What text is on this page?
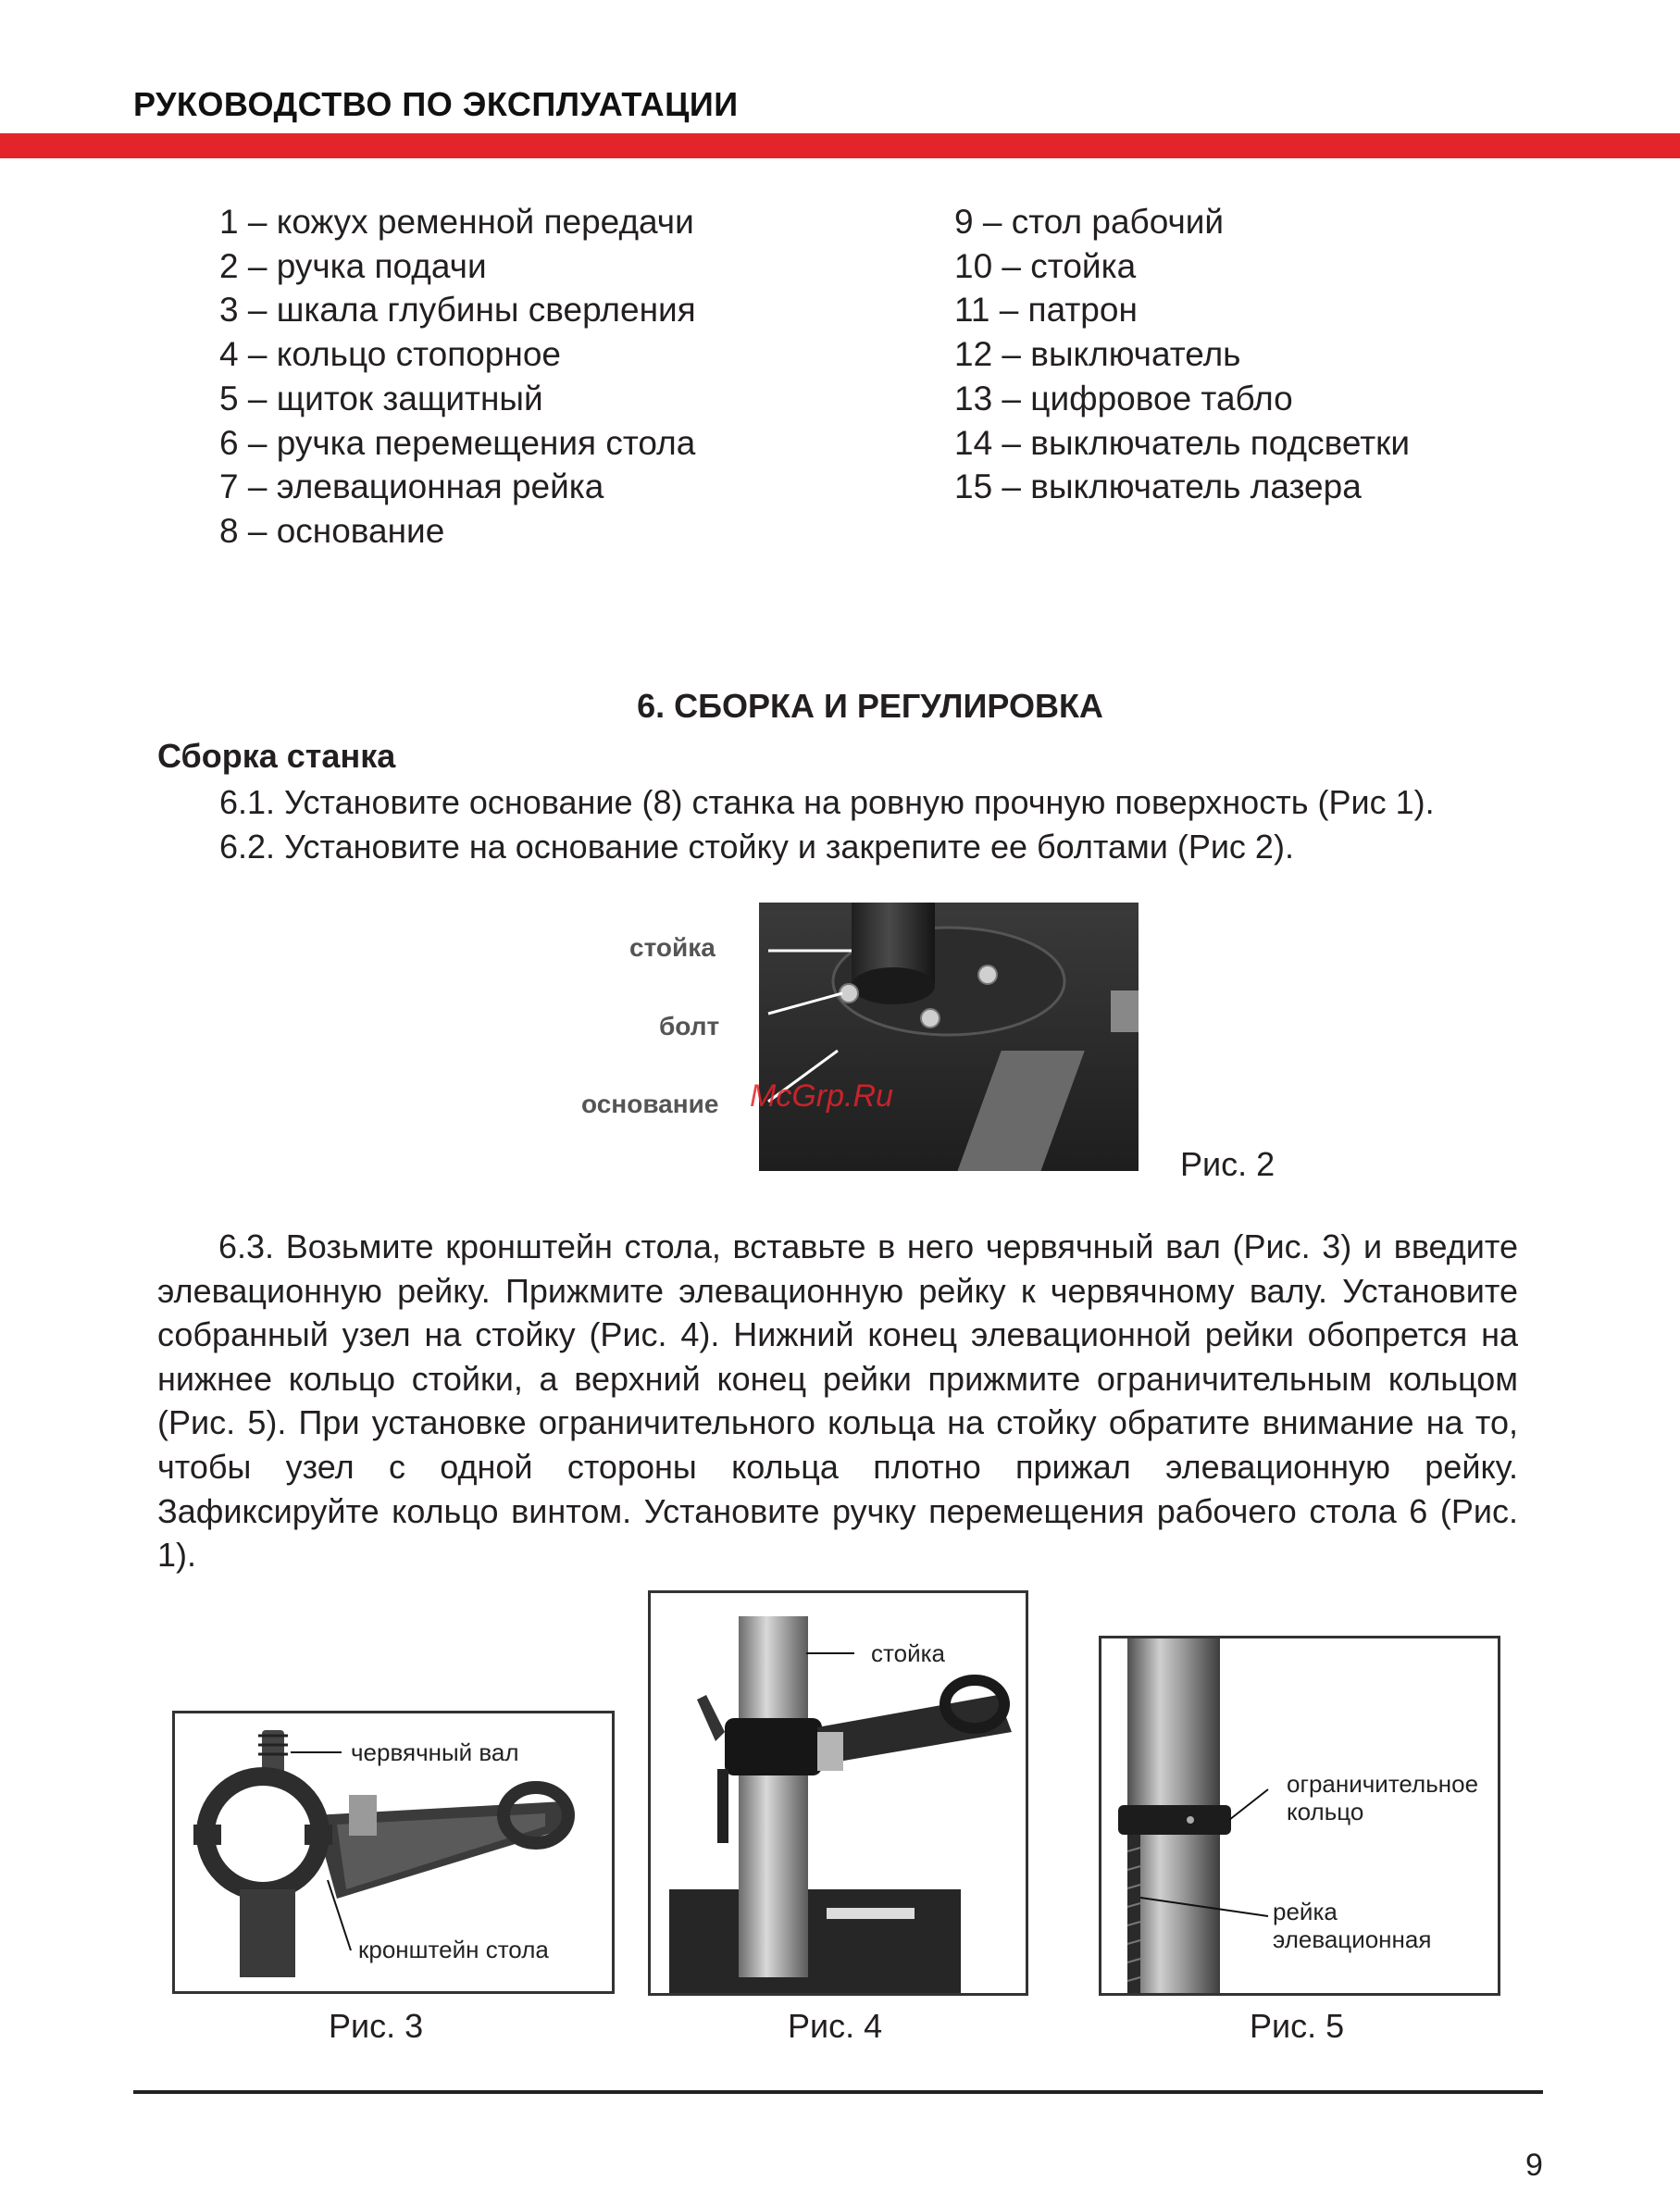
РУКОВОДСТВО ПО ЭКСПЛУАТАЦИИ
1 – кожух ременной передачи
2 – ручка подачи
3 – шкала глубины сверления
4 – кольцо стопорное
5 – щиток защитный
6 – ручка перемещения стола
7 – элевационная рейка
8 – основание
9 – стол рабочий
10 – стойка
11 – патрон
12 – выключатель
13 – цифровое табло
14 – выключатель подсветки
15 – выключатель лазера
6. СБОРКА И РЕГУЛИРОВКА
Сборка станка
6.1. Установите основание (8) станка на ровную прочную поверхность (Рис 1).
6.2. Установите на основание стойку и закрепите ее болтами (Рис 2).
стойка
болт
основание McGrp.Ru
Рис. 2

6.3. Возьмите кронштейн стола, вставьте в него червячный вал (Рис. 3) и введите элевационную рейку. Прижмите элевационную рейку к червячному валу. Установите собранный узел на стойку (Рис. 4). Нижний конец элевационной рейки обопрется на нижнее кольцо стойки, а верхний конец рейки прижмите ограничительным кольцом (Рис. 5). При установке ограничительного кольца на стойку обратите внимание на то, чтобы узел с одной стороны кольца плотно прижал элевационную рейку. Зафиксируйте кольцо винтом. Установите ручку перемещения рабочего стола 6 (Рис. 1).

червячный вал
кронштейн стола
Рис. 3
стойка
Рис. 4
ограничительное
кольцо
рейка
элевационная
Рис. 5
9
